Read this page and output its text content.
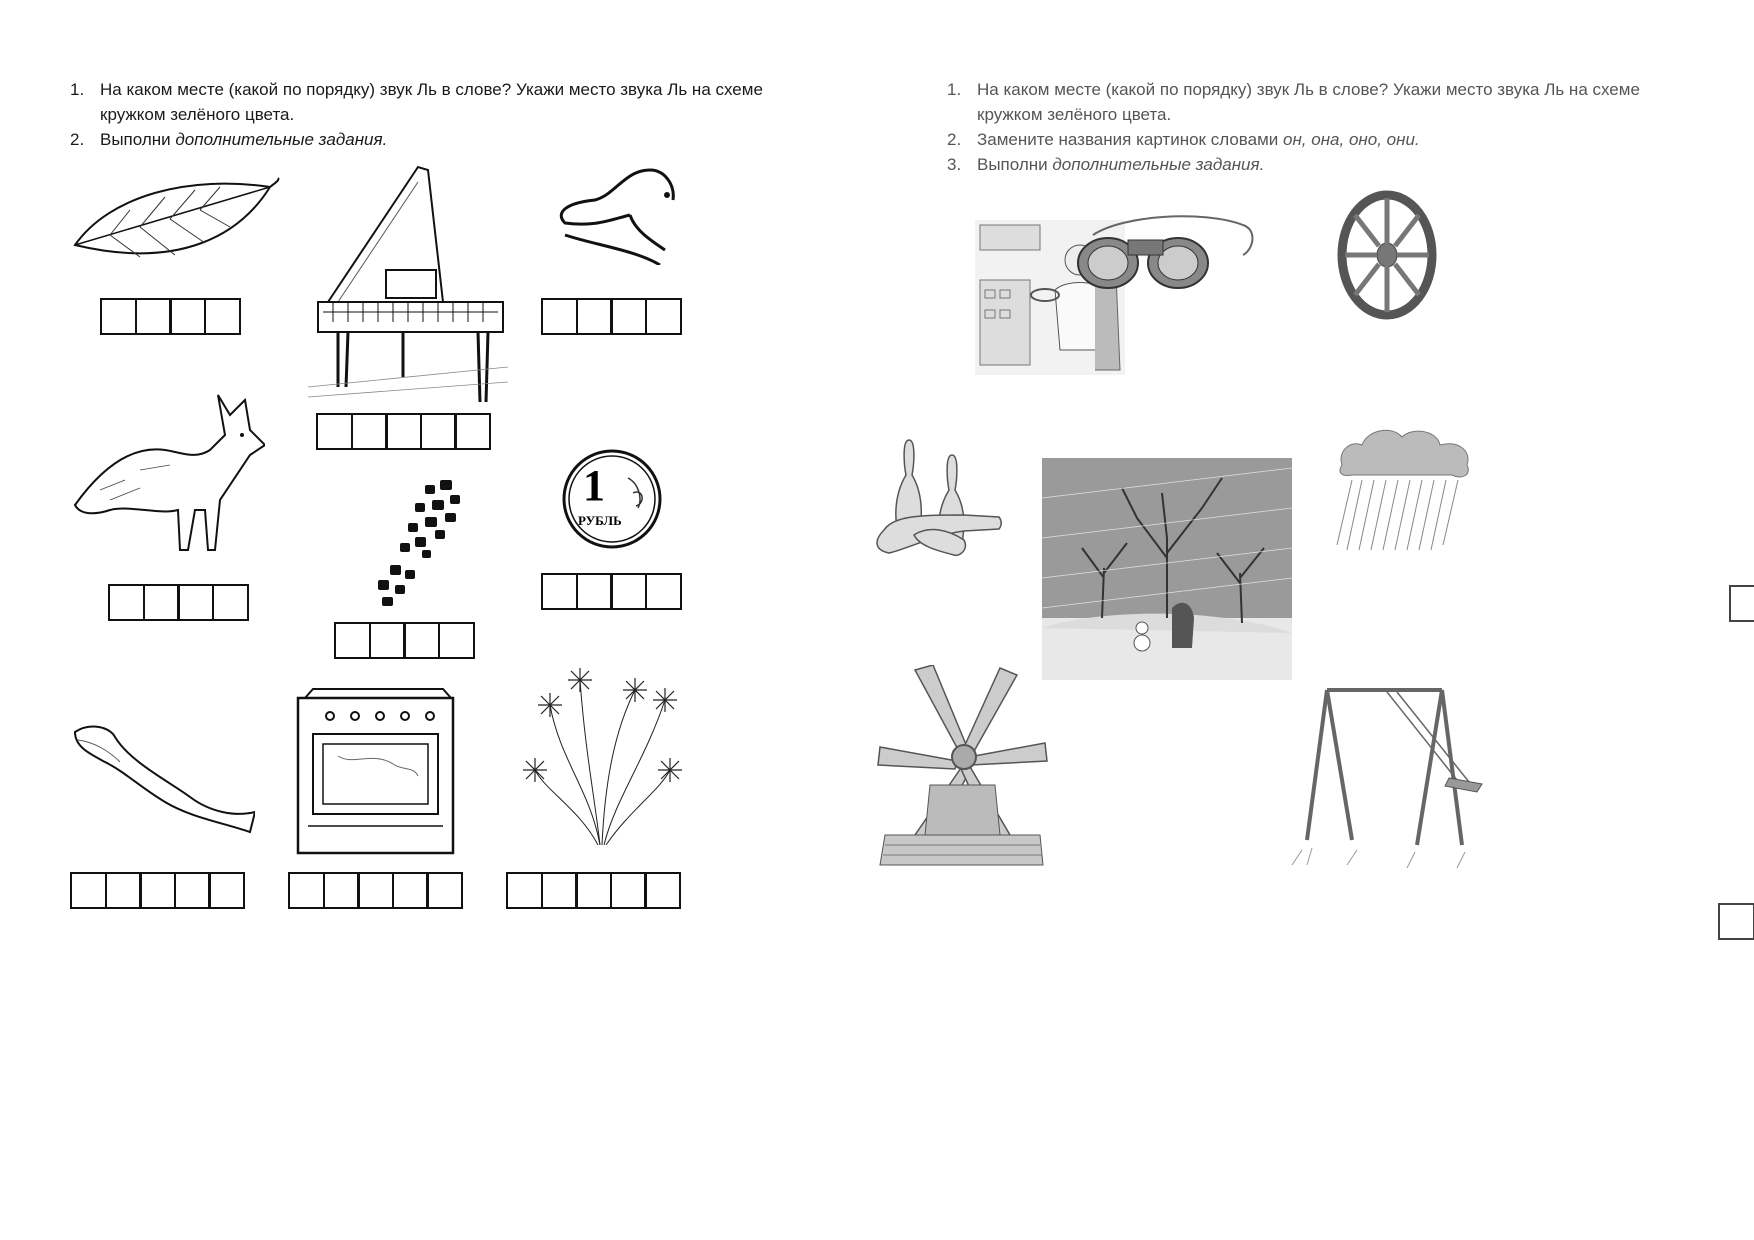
1. На каком месте (какой по порядку) звук Ль в слове? Укажи место звука Ль на схеме кружком зелёного цвета.
2. Выполни дополнительные задания.
1
РУБЛЬ
1. На каком месте (какой по порядку) звук Ль в слове? Укажи место звука Ль на схеме кружком зелёного цвета.
2. Замените названия картинок словами он, она, оно, они.
3. Выполни дополнительные задания.
